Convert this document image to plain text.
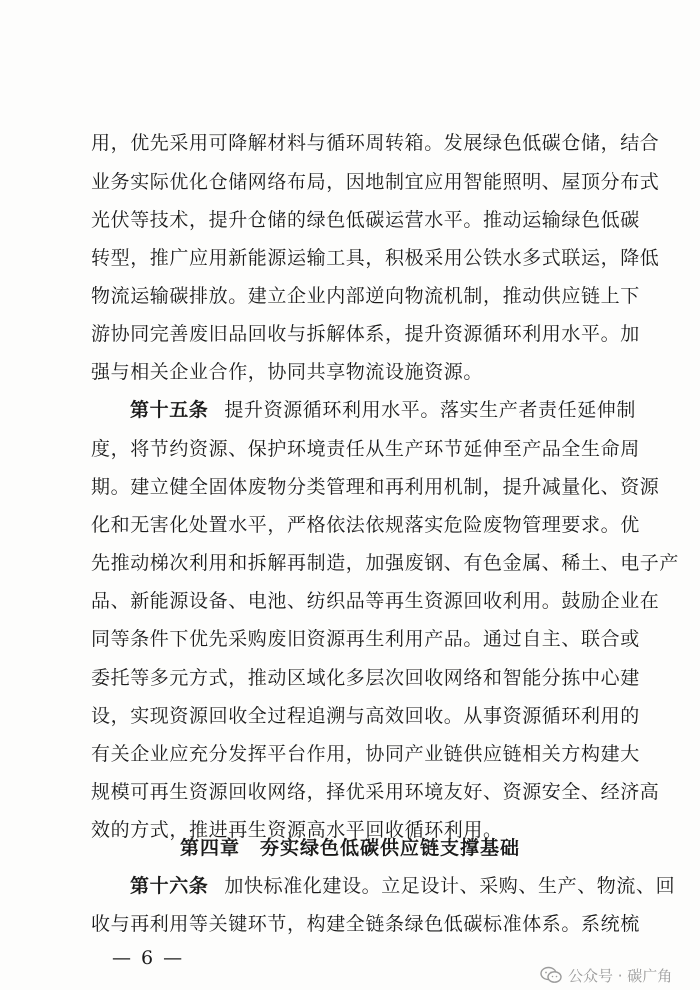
用，优先采用可降解材料与循环周转箱。发展绿色低碳仓储，结合
业务实际优化仓储网络布局，因地制宜应用智能照明、屋顶分布式
光伏等技术，提升仓储的绿色低碳运营水平。推动运输绿色低碳
转型，推广应用新能源运输工具，积极采用公铁水多式联运，降低
物流运输碳排放。建立企业内部逆向物流机制，推动供应链上下
游协同完善废旧品回收与拆解体系，提升资源循环利用水平。加
强与相关企业合作，协同共享物流设施资源。
第十五条 提升资源循环利用水平。落实生产者责任延伸制
度，将节约资源、保护环境责任从生产环节延伸至产品全生命周
期。建立健全固体废物分类管理和再利用机制，提升减量化、资源
化和无害化处置水平，严格依法依规落实危险废物管理要求。优
先推动梯次利用和拆解再制造，加强废钢、有色金属、稀土、电子产
品、新能源设备、电池、纺织品等再生资源回收利用。鼓励企业在
同等条件下优先采购废旧资源再生利用产品。通过自主、联合或
委托等多元方式，推动区域化多层次回收网络和智能分拣中心建
设，实现资源回收全过程追溯与高效回收。从事资源循环利用的
有关企业应充分发挥平台作用，协同产业链供应链相关方构建大
规模可再生资源回收网络，择优采用环境友好、资源安全、经济高
效的方式，推进再生资源高水平回收循环利用。
第四章　夯实绿色低碳供应链支撑基础
第十六条 加快标准化建设。立足设计、采购、生产、物流、回
收与再利用等关键环节，构建全链条绿色低碳标准体系。系统梳
— 6 —
公众号 · 碳广角
